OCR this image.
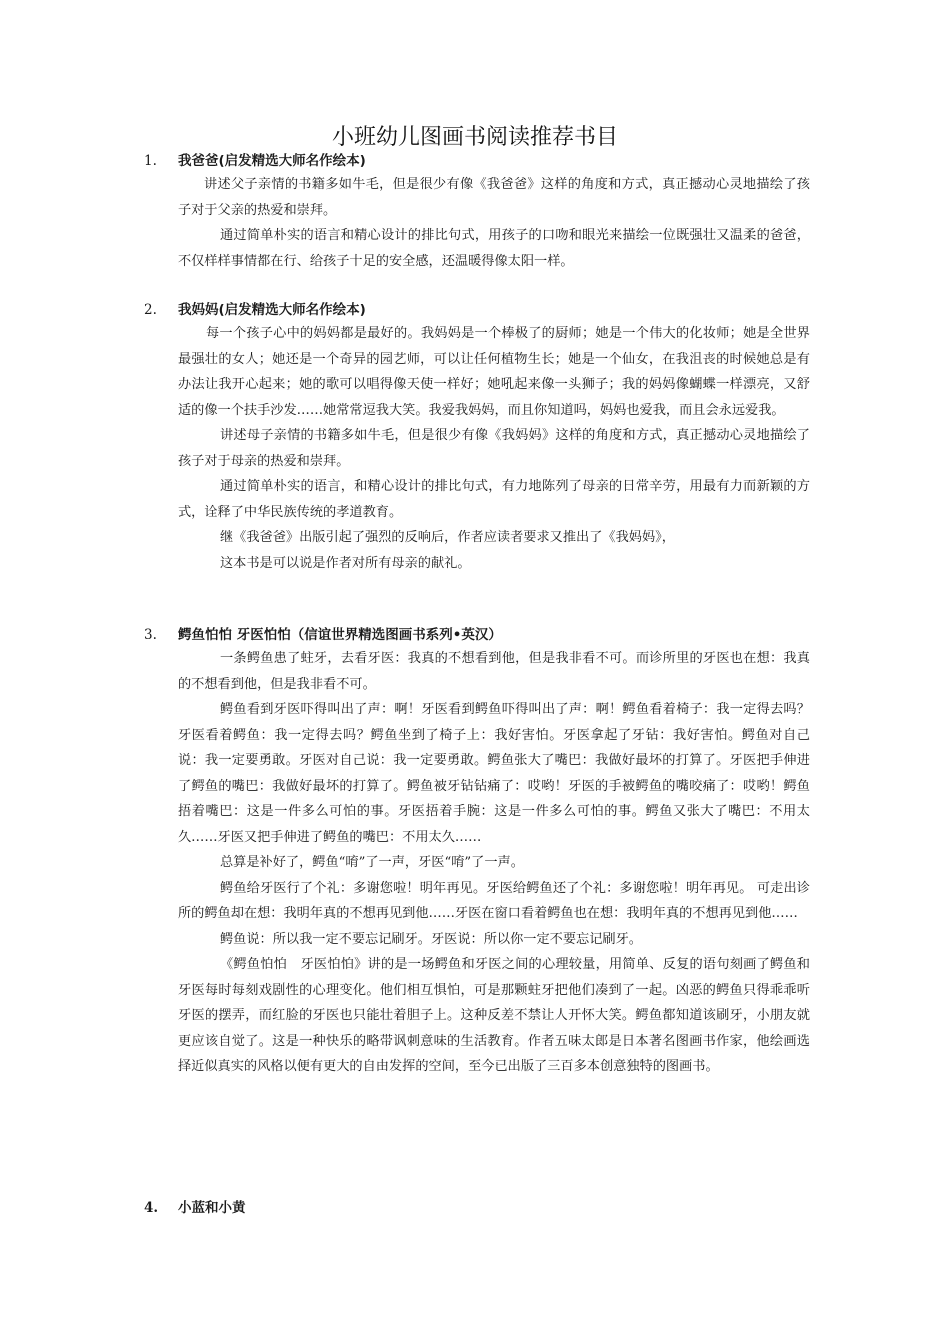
小班幼儿图画书阅读推荐书目
1. 我爸爸(启发精选大师名作绘本)

讲述父子亲情的书籍多如牛毛，但是很少有像《我爸爸》这样的角度和方式，真正撼动心灵地描绘了孩子对于父亲的热爱和崇拜。

通过简单朴实的语言和精心设计的排比句式，用孩子的口吻和眼光来描绘一位既强壮又温柔的爸爸，不仅样样事情都在行、给孩子十足的安全感，还温暖得像太阳一样。

2. 我妈妈(启发精选大师名作绘本)

每一个孩子心中的妈妈都是最好的。我妈妈是一个棒极了的厨师；她是一个伟大的化妆师；她是全世界最强壮的女人；她还是一个奇异的园艺师，可以让任何植物生长；她是一个仙女，在我沮丧的时候她总是有办法让我开心起来；她的歌可以唱得像天使一样好；她吼起来像一头狮子；我的妈妈像蝴蝶一样漂亮，又舒适的像一个扶手沙发……她常常逗我大笑。我爱我妈妈，而且你知道吗，妈妈也爱我，而且会永远爱我。

讲述母子亲情的书籍多如牛毛，但是很少有像《我妈妈》这样的角度和方式，真正撼动心灵地描绘了孩子对于母亲的热爱和崇拜。

通过简单朴实的语言，和精心设计的排比句式，有力地陈列了母亲的日常辛劳，用最有力而新颖的方式，诠释了中华民族传统的孝道教育。

继《我爸爸》出版引起了强烈的反响后，作者应读者要求又推出了《我妈妈》，

这本书是可以说是作者对所有母亲的献礼。

3. 鳄鱼怕怕 牙医怕怕（信谊世界精选图画书系列•英汉）

一条鳄鱼患了蛀牙，去看牙医：我真的不想看到他，但是我非看不可。而诊所里的牙医也在想：我真的不想看到他，但是我非看不可。

鳄鱼看到牙医吓得叫出了声：啊！牙医看到鳄鱼吓得叫出了声：啊！鳄鱼看着椅子：我一定得去吗？牙医看着鳄鱼：我一定得去吗？鳄鱼坐到了椅子上：我好害怕。牙医拿起了牙钻：我好害怕。鳄鱼对自己说：我一定要勇敢。牙医对自己说：我一定要勇敢。鳄鱼张大了嘴巴：我做好最坏的打算了。牙医把手伸进了鳄鱼的嘴巴：我做好最坏的打算了。鳄鱼被牙钻钻痛了：哎哟！牙医的手被鳄鱼的嘴咬痛了：哎哟！鳄鱼捂着嘴巴：这是一件多么可怕的事。牙医捂着手腕：这是一件多么可怕的事。鳄鱼又张大了嘴巴：不用太久……牙医又把手伸进了鳄鱼的嘴巴：不用太久……

总算是补好了，鳄鱼“唷”了一声，牙医“唷”了一声。

鳄鱼给牙医行了个礼：多谢您啦！明年再见。牙医给鳄鱼还了个礼：多谢您啦！明年再见。 可走出诊所的鳄鱼却在想：我明年真的不想再见到他……牙医在窗口看着鳄鱼也在想：我明年真的不想再见到他……

鳄鱼说：所以我一定不要忘记刷牙。牙医说：所以你一定不要忘记刷牙。

《鳄鱼怕怕　牙医怕怕》讲的是一场鳄鱼和牙医之间的心理较量，用简单、反复的语句刻画了鳄鱼和牙医每时每刻戏剧性的心理变化。他们相互惧怕，可是那颗蛀牙把他们凑到了一起。凶恶的鳄鱼只得乖乖听牙医的摆弄，而红脸的牙医也只能壮着胆子上。这种反差不禁让人开怀大笑。鳄鱼都知道该刷牙，小朋友就更应该自觉了。这是一种快乐的略带讽刺意味的生活教育。作者五味太郎是日本著名图画书作家，他绘画选择近似真实的风格以便有更大的自由发挥的空间，至今已出版了三百多本创意独特的图画书。

4. 小蓝和小黄
